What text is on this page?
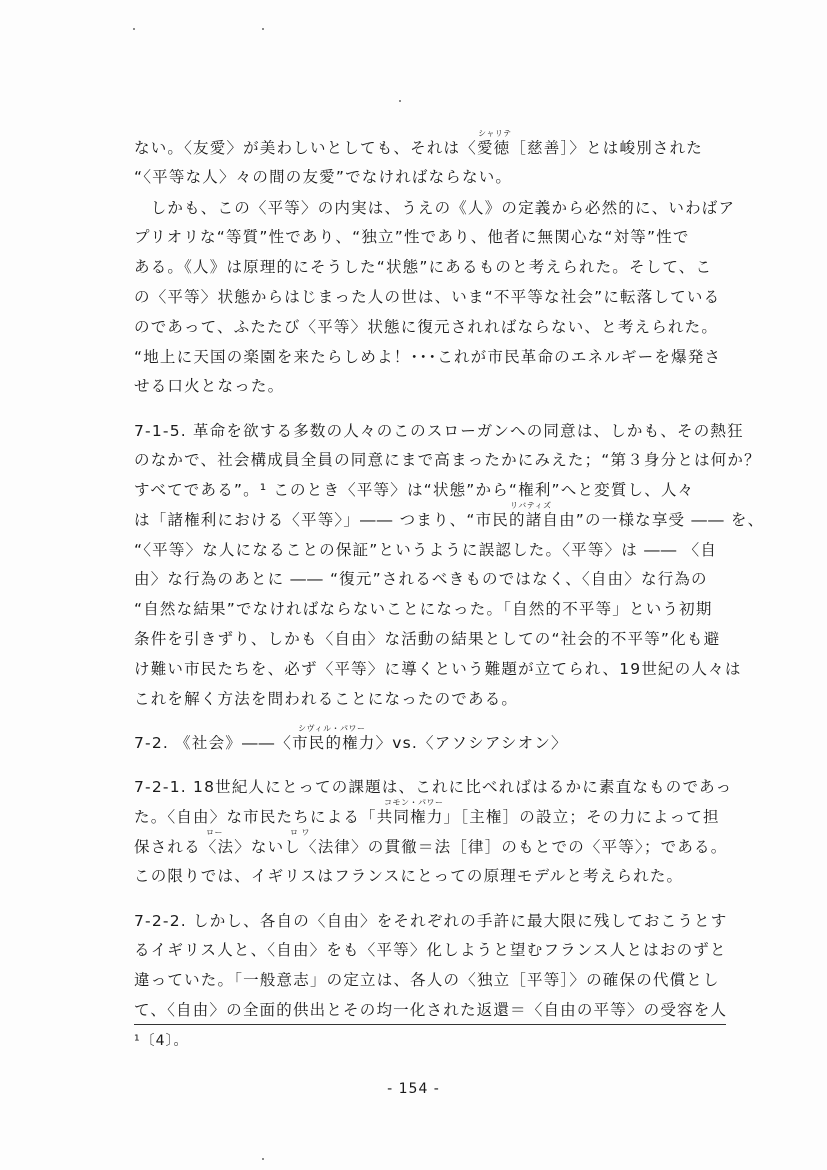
シャリテ
リバティズ
シヴィル・パワー
コモン・パワー
ロー	ロ ワ
ない。〈友愛〉が美わしいとしても、それは〈愛徳［慈善］〉とは峻別された
“〈平等な人〉々の間の友愛”でなければならない。
　しかも、この〈平等〉の内実は、うえの《人》の定義から必然的に、いわばア
プリオリな“等質”性であり、“独立”性であり、他者に無関心な“対等”性で
ある。《人》は原理的にそうした“状態”にあるものと考えられた。そして、こ
の〈平等〉状態からはじまった人の世は、いま“不平等な社会”に転落している
のであって、ふたたび〈平等〉状態に復元されればならない、と考えられた。
“地上に天国の楽園を来たらしめよ！･･･これが市民革命のエネルギーを爆発さ
せる口火となった。
7-1-5. 革命を欲する多数の人々のこのスローガンへの同意は、しかも、その熱狂
のなかで、社会構成員全員の同意にまで高まったかにみえた；“第３身分とは何か？
すべてである”。¹ このとき〈平等〉は“状態”から“権利”へと変質し、人々
は「諸権利における〈平等〉」―― つまり、“市民的諸自由”の一様な享受 ―― を、
“〈平等〉な人になることの保証”というように誤認した。〈平等〉は ―― 〈自
由〉な行為のあとに ―― “復元”されるべきものではなく、〈自由〉な行為の
“自然な結果”でなければならないことになった。「自然的不平等」という初期
条件を引きずり、しかも〈自由〉な活動の結果としての“社会的不平等”化も避
け難い市民たちを、必ず〈平等〉に導くという難題が立てられ、19世紀の人々は
これを解く方法を問われることになったのである。
7-2. 《社会》――〈市民的権力〉vs.〈アソシアシオン〉
7-2-1. 18世紀人にとっての課題は、これに比べればはるかに素直なものであっ
た。〈自由〉な市民たちによる「共同権力」［主権］の設立；その力によって担
保される〈法〉ないし〈法律〉の貫徹＝法［律］のもとでの〈平等〉；である。
この限りでは、イギリスはフランスにとっての原理モデルと考えられた。
7-2-2. しかし、各自の〈自由〉をそれぞれの手許に最大限に残しておこうとす
るイギリス人と、〈自由〉をも〈平等〉化しようと望むフランス人とはおのずと
違っていた。「一般意志」の定立は、各人の〈独立［平等］〉の確保の代償とし
て、〈自由〉の全面的供出とその均一化された返還＝〈自由の平等〉の受容を人
¹〔4〕。
- 154 -
